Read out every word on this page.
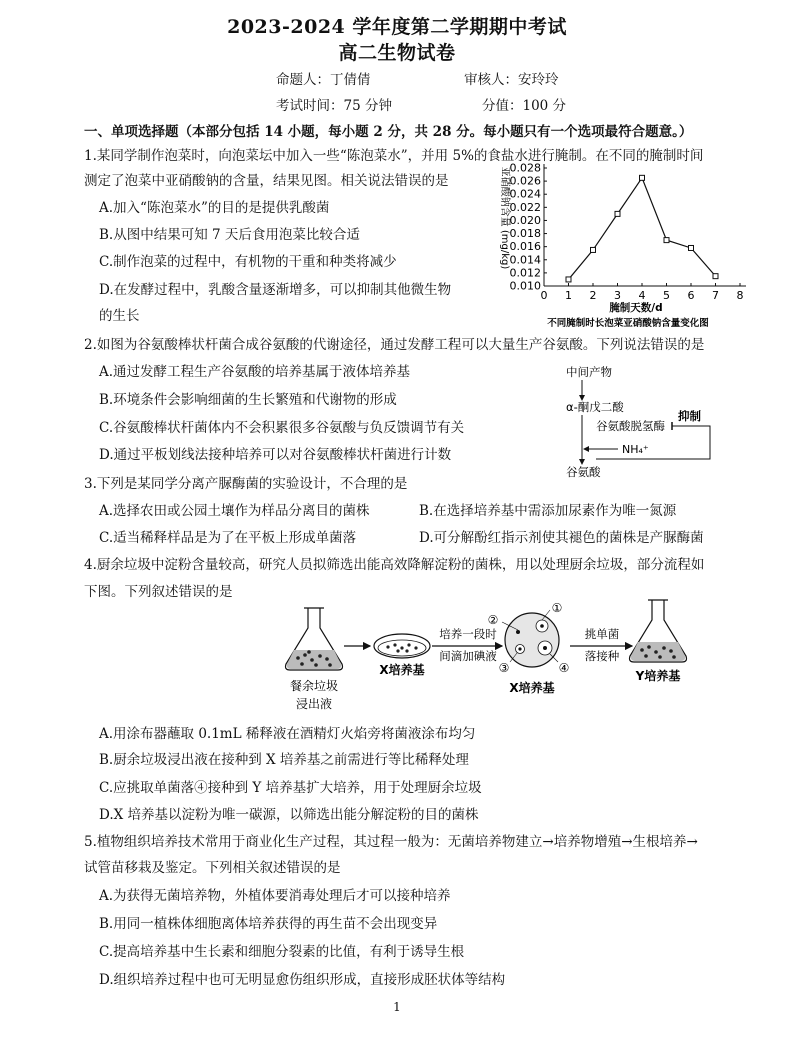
2023-2024 学年度第二学期期中考试
高二生物试卷
命题人：丁倩倩	审核人：安玲玲
考试时间：75 分钟	分值：100 分
一、单项选择题（本部分包括 14 小题，每小题 2 分，共 28 分。每小题只有一个选项最符合题意。）
1.某同学制作泡菜时，向泡菜坛中加入一些“陈泡菜水”，并用 5%的食盐水进行腌制。在不同的腌制时间
测定了泡菜中亚硝酸钠的含量，结果见图。相关说法错误的是
A.加入“陈泡菜水”的目的是提供乳酸菌
B.从图中结果可知 7 天后食用泡菜比较合适
C.制作泡菜的过程中，有机物的干重和种类将减少
D.在发酵过程中，乳酸含量逐渐增多，可以抑制其他微生物
的生长
0.010
0.012
0.014
0.016
0.018
0.020
0.022
0.024
0.026
0.028
0 1 2 3 4 5 6 7 8
亚硝酸钠含量 (mg/kg)
腌制天数/d
不同腌制时长泡菜亚硝酸钠含量变化图
2.如图为谷氨酸棒状杆菌合成谷氨酸的代谢途径，通过发酵工程可以大量生产谷氨酸。下列说法错误的是
A.通过发酵工程生产谷氨酸的培养基属于液体培养基
B.环境条件会影响细菌的生长繁殖和代谢物的形成
C.谷氨酸棒状杆菌体内不会积累很多谷氨酸与负反馈调节有关
D.通过平板划线法接种培养可以对谷氨酸棒状杆菌进行计数
中间产物
α-酮戊二酸
谷氨酸脱氢酶
抑制
NH₄⁺
谷氨酸
3.下列是某同学分离产脲酶菌的实验设计，不合理的是
A.选择农田或公园土壤作为样品分离目的菌株	B.在选择培养基中需添加尿素作为唯一氮源
C.适当稀释样品是为了在平板上形成单菌落	D.可分解酚红指示剂使其褪色的菌株是产脲酶菌
4.厨余垃圾中淀粉含量较高，研究人员拟筛选出能高效降解淀粉的菌株，用以处理厨余垃圾，部分流程如
下图。下列叙述错误的是
餐余垃圾
浸出液
X培养基
培养一段时
间滴加碘液
①
②
③	④
X培养基
挑单菌
落接种
Y培养基
A.用涂布器蘸取 0.1mL 稀释液在酒精灯火焰旁将菌液涂布均匀
B.厨余垃圾浸出液在接种到 X 培养基之前需进行等比稀释处理
C.应挑取单菌落④接种到 Y 培养基扩大培养，用于处理厨余垃圾
D.X 培养基以淀粉为唯一碳源，以筛选出能分解淀粉的目的菌株
5.植物组织培养技术常用于商业化生产过程，其过程一般为：无菌培养物建立→培养物增殖→生根培养→
试管苗移栽及鉴定。下列相关叙述错误的是
A.为获得无菌培养物，外植体要消毒处理后才可以接种培养
B.用同一植株体细胞离体培养获得的再生苗不会出现变异
C.提高培养基中生长素和细胞分裂素的比值，有利于诱导生根
D.组织培养过程中也可无明显愈伤组织形成，直接形成胚状体等结构
1
